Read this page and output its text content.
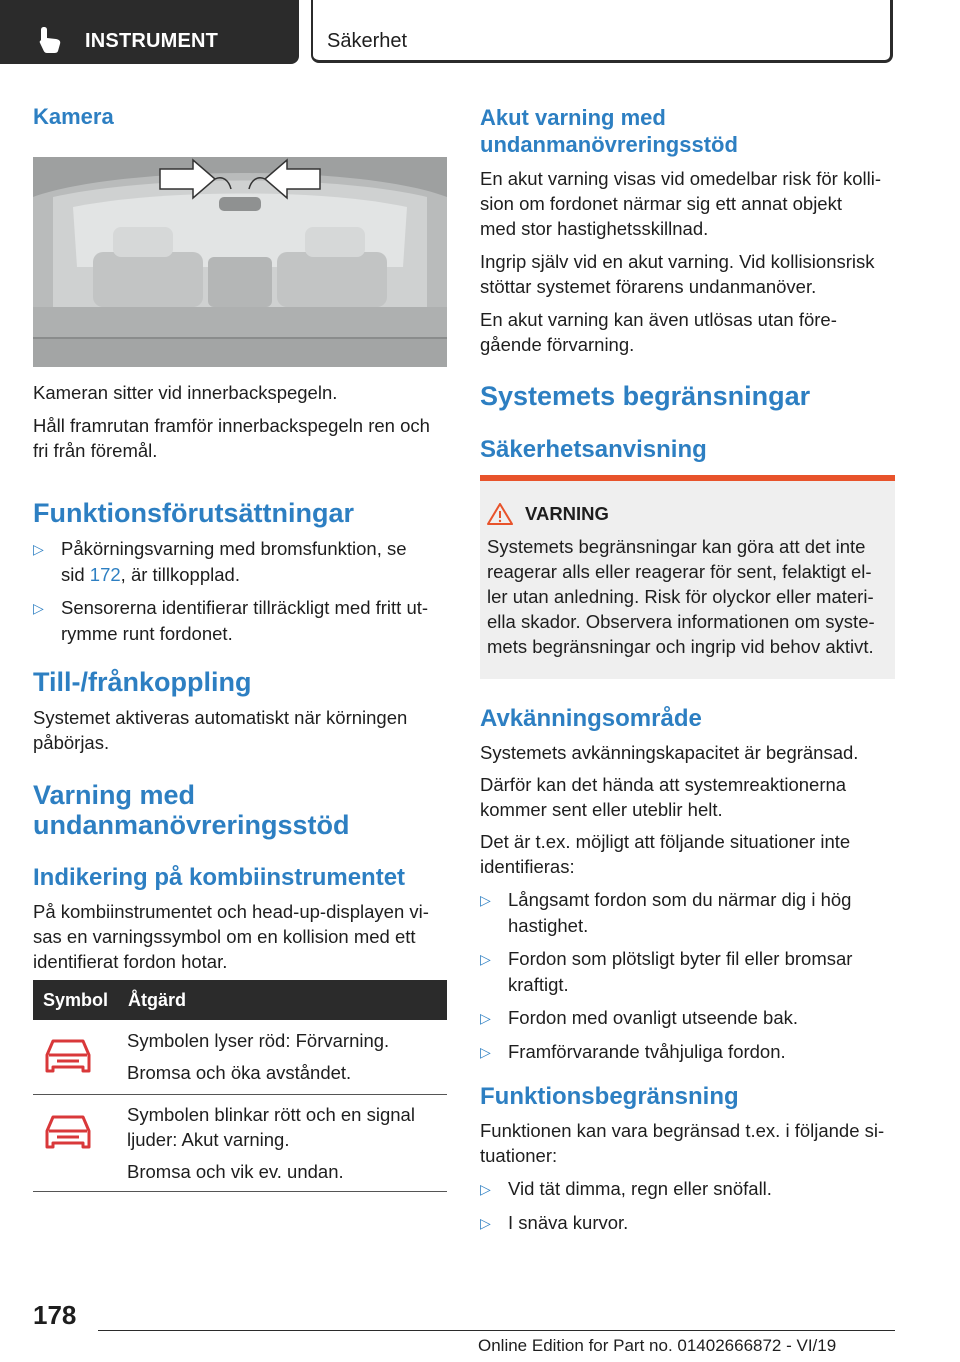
INSTRUMENT	Säkerhet
Kamera

Kameran sitter vid innerbackspegeln.

Håll framrutan framför innerbackspegeln ren och

fri från föremål.

Funktionsförutsättningar

▷ Påkörningsvarning med bromsfunktion, se

sid 172, är tillkopplad.

▷ Sensorerna identifierar tillräckligt med fritt ut‐

rymme runt fordonet.

Till-/frånkoppling

Systemet aktiveras automatiskt när körningen

påbörjas.

Varning med
undanmanövreringsstöd
Indikering på kombiinstrumentet

På kombiinstrumentet och head-up-displayen vi‐

sas en varningssymbol om en kollision med ett

identifierat fordon hotar.

Symbol Åtgärd

Symbolen lyser röd: Förvarning.

Bromsa och öka avståndet.

Symbolen blinkar rött och en signal

ljuder: Akut varning.

Bromsa och vik ev. undan.

Akut varning med
undanmanövreringsstöd

En akut varning visas vid omedelbar risk för kolli‐

sion om fordonet närmar sig ett annat objekt

med stor hastighetsskillnad.

Ingrip själv vid en akut varning. Vid kollisionsrisk

stöttar systemet förarens undanmanöver.

En akut varning kan även utlösas utan före‐

gående förvarning.

Systemets begränsningar
Säkerhetsanvisning
VARNING

Systemets begränsningar kan göra att det inte

reagerar alls eller reagerar för sent, felaktigt el‐

ler utan anledning. Risk för olyckor eller materi‐

ella skador. Observera informationen om syste‐

mets begränsningar och ingrip vid behov aktivt.

Avkänningsområde

Systemets avkänningskapacitet är begränsad.

Därför kan det hända att systemreaktionerna

kommer sent eller uteblir helt.

Det är t.ex. möjligt att följande situationer inte

identifieras:

▷ Långsamt fordon som du närmar dig i hög

hastighet.

▷ Fordon som plötsligt byter fil eller bromsar

kraftigt.

▷ Fordon med ovanligt utseende bak.

▷ Framförvarande tvåhjuliga fordon.

Funktionsbegränsning

Funktionen kan vara begränsad t.ex. i följande si‐

tuationer:

▷ Vid tät dimma, regn eller snöfall.

▷ I snäva kurvor.

178
Online Edition for Part no. 01402666872 - VI/19
